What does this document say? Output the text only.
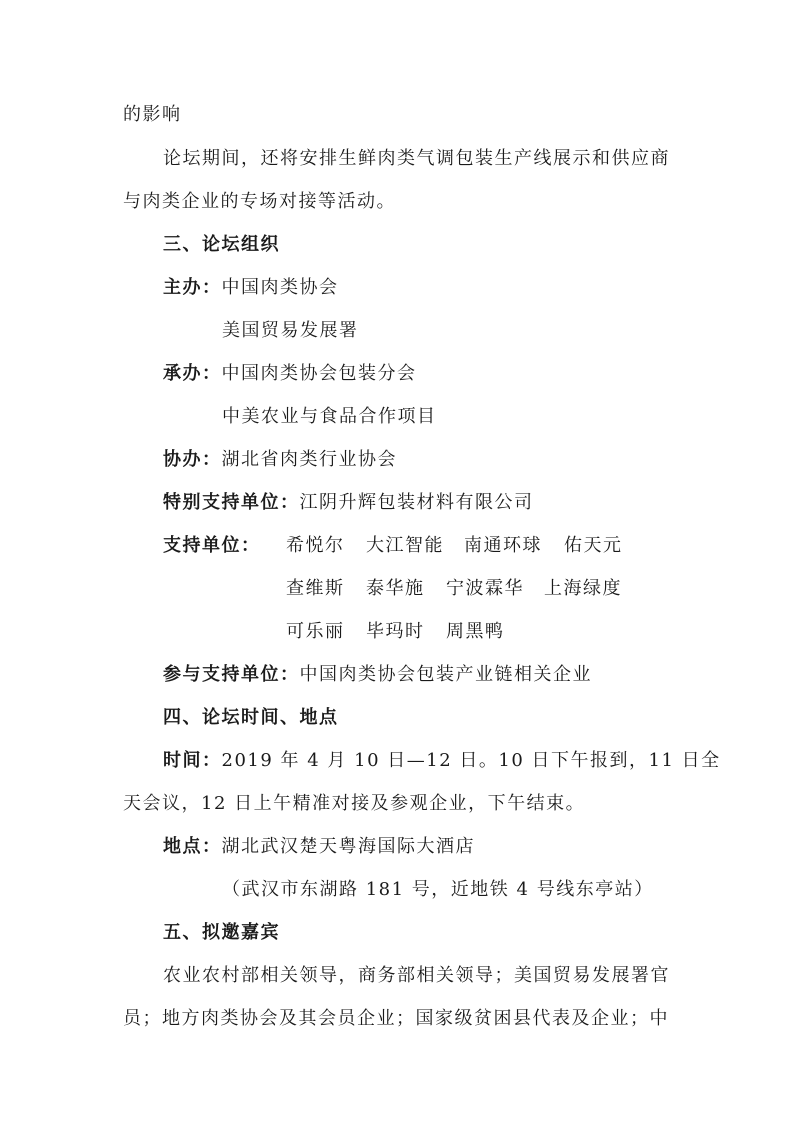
的影响
论坛期间，还将安排生鲜肉类气调包装生产线展示和供应商
与肉类企业的专场对接等活动。
三、论坛组织
主办：中国肉类协会
美国贸易发展署
承办：中国肉类协会包装分会
中美农业与食品合作项目
协办：湖北省肉类行业协会
特别支持单位：江阴升辉包装材料有限公司
支持单位： 希悦尔 大江智能 南通环球 佑天元
查维斯 泰华施 宁波霖华 上海绿度
可乐丽 毕玛时 周黑鸭
参与支持单位：中国肉类协会包装产业链相关企业
四、论坛时间、地点
时间：2019 年 4 月 10 日—12 日。10 日下午报到，11 日全
天会议，12 日上午精准对接及参观企业，下午结束。
地点：湖北武汉楚天粤海国际大酒店
（武汉市东湖路 181 号，近地铁 4 号线东亭站）
五、拟邀嘉宾
农业农村部相关领导，商务部相关领导；美国贸易发展署官
员；地方肉类协会及其会员企业；国家级贫困县代表及企业；中
